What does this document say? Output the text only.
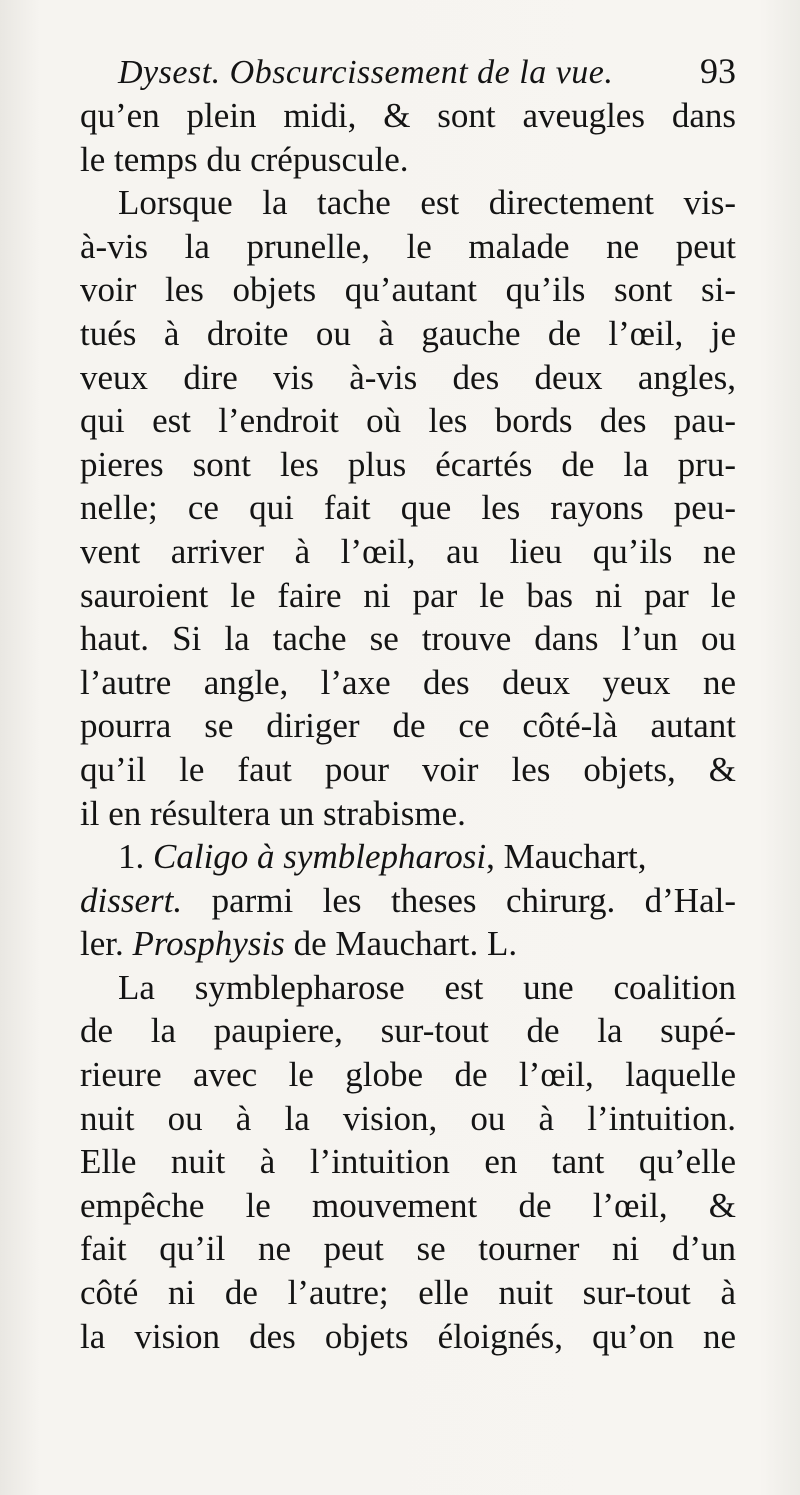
Dysest. Obscurcissement de la vue. 93
qu’en plein midi, & sont aveugles dans
le temps du crépuscule.
Lorsque la tache est directement vis-
à-vis la prunelle, le malade ne peut
voir les objets qu’autant qu’ils sont si-
tués à droite ou à gauche de l’œil, je
veux dire vis à-vis des deux angles,
qui est l’endroit où les bords des pau-
pieres sont les plus écartés de la pru-
nelle; ce qui fait que les rayons peu-
vent arriver à l’œil, au lieu qu’ils ne
sauroient le faire ni par le bas ni par le
haut. Si la tache se trouve dans l’un ou
l’autre angle, l’axe des deux yeux ne
pourra se diriger de ce côté-là autant
qu’il le faut pour voir les objets, &
il en résultera un strabisme.
1. Caligo à symblepharosi, Mauchart,
dissert. parmi les theses chirurg. d’Hal-
ler. Prosphysis de Mauchart. L.
La symblepharose est une coalition
de la paupiere, sur-tout de la supé-
rieure avec le globe de l’œil, laquelle
nuit ou à la vision, ou à l’intuition.
Elle nuit à l’intuition en tant qu’elle
empêche le mouvement de l’œil, &
fait qu’il ne peut se tourner ni d’un
côté ni de l’autre; elle nuit sur-tout à
la vision des objets éloignés, qu’on ne
